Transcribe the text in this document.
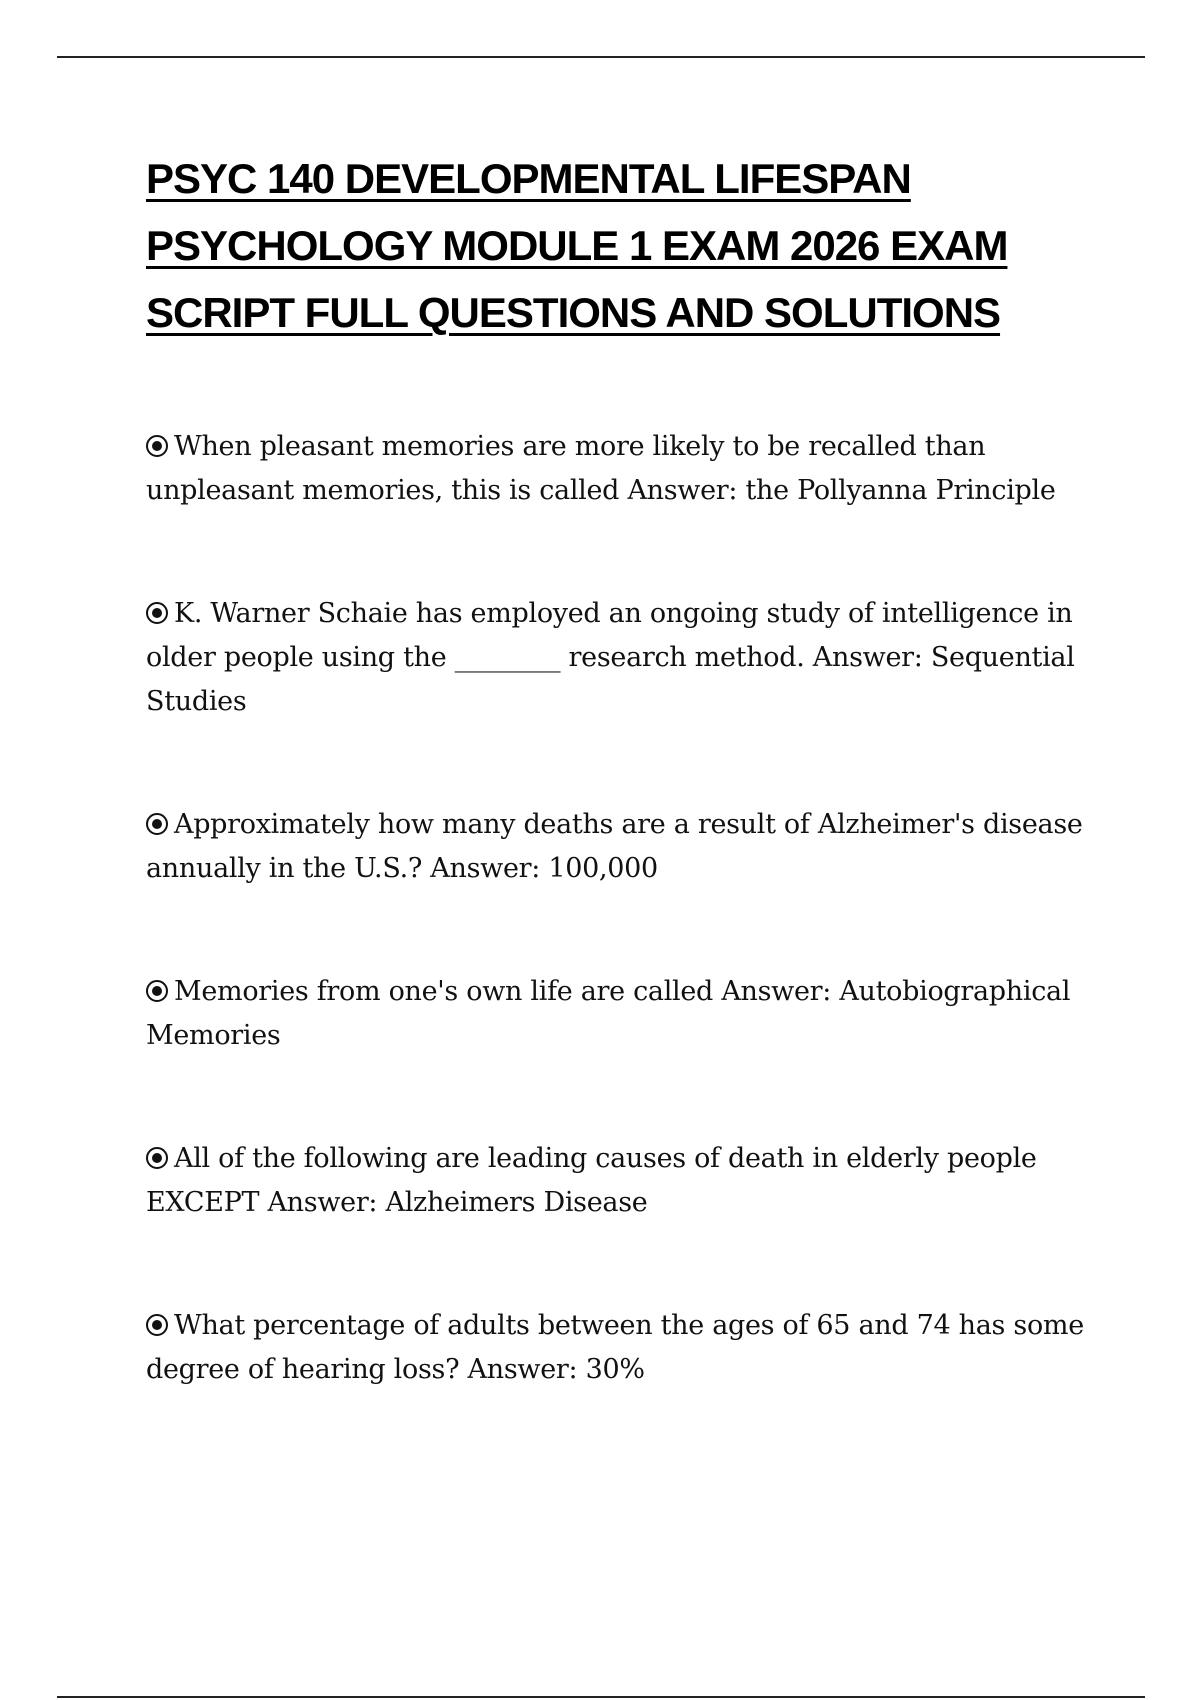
PSYC 140 DEVELOPMENTAL LIFESPAN PSYCHOLOGY MODULE 1 EXAM 2026 EXAM SCRIPT FULL QUESTIONS AND SOLUTIONS
When pleasant memories are more likely to be recalled than unpleasant memories, this is called Answer: the Pollyanna Principle
K. Warner Schaie has employed an ongoing study of intelligence in older people using the ________ research method. Answer: Sequential Studies
Approximately how many deaths are a result of Alzheimer's disease annually in the U.S.? Answer: 100,000
Memories from one's own life are called Answer: Autobiographical Memories
All of the following are leading causes of death in elderly people EXCEPT Answer: Alzheimers Disease
What percentage of adults between the ages of 65 and 74 has some degree of hearing loss? Answer: 30%
